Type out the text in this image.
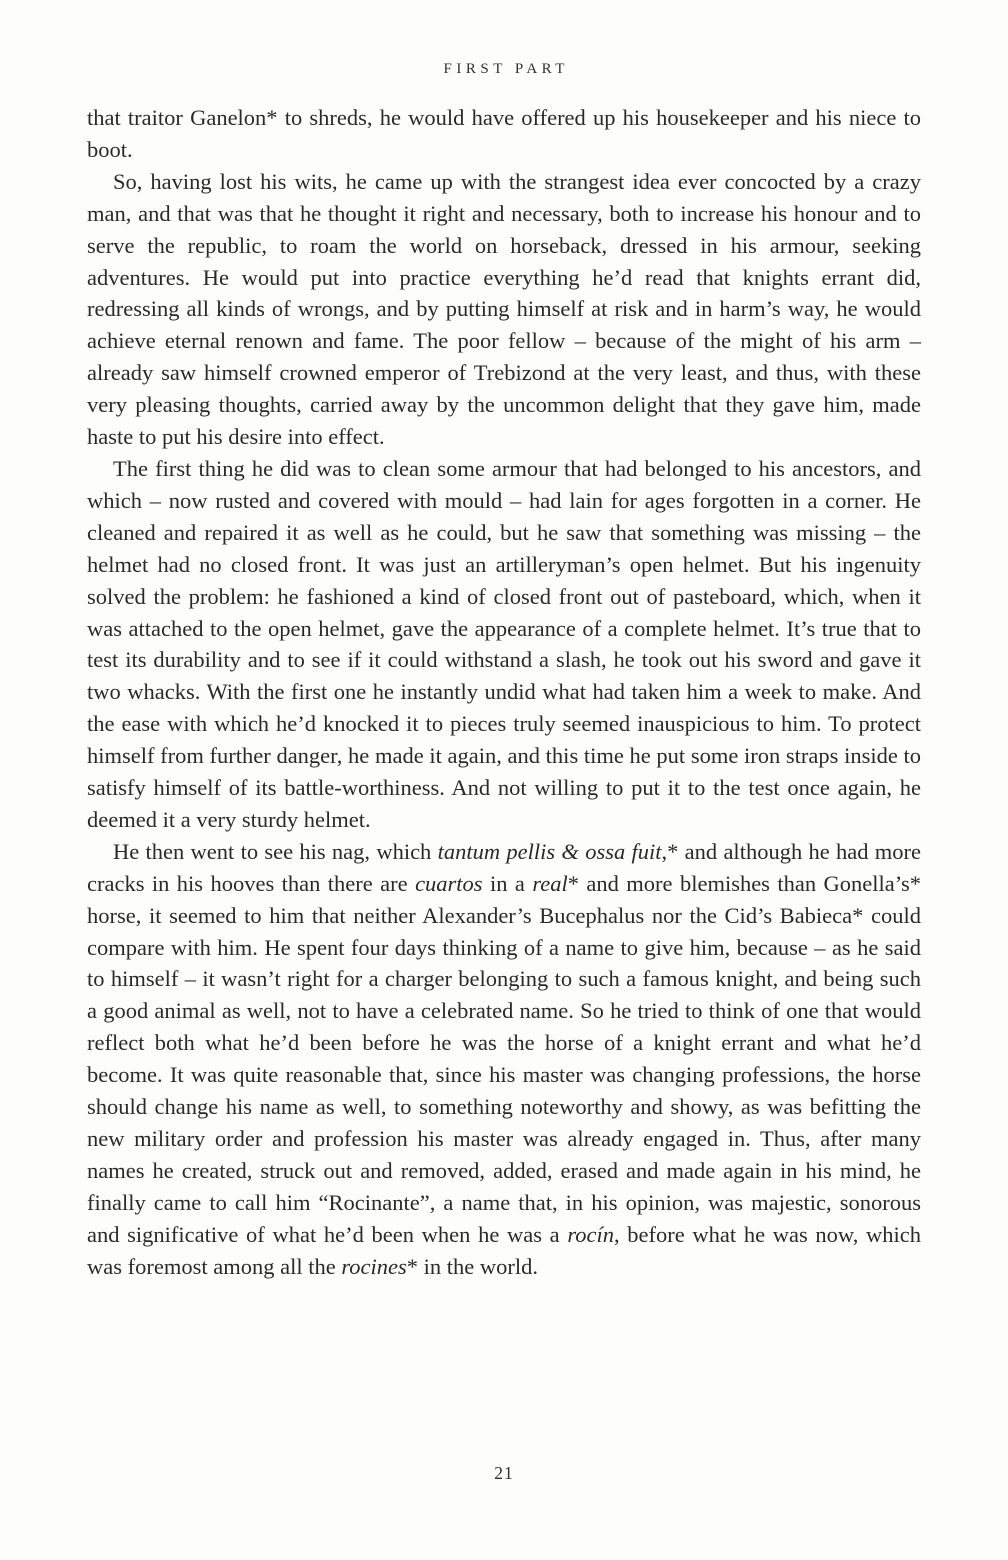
FIRST PART

that traitor Ganelon* to shreds, he would have offered up his housekeeper and his niece to boot.

So, having lost his wits, he came up with the strangest idea ever concocted by a crazy man, and that was that he thought it right and necessary, both to increase his honour and to serve the republic, to roam the world on horseback, dressed in his armour, seeking adventures. He would put into practice everything he’d read that knights errant did, redressing all kinds of wrongs, and by putting himself at risk and in harm’s way, he would achieve eternal renown and fame. The poor fellow – because of the might of his arm – already saw himself crowned emperor of Trebizond at the very least, and thus, with these very pleasing thoughts, carried away by the uncommon delight that they gave him, made haste to put his desire into effect.

The first thing he did was to clean some armour that had belonged to his ancestors, and which – now rusted and covered with mould – had lain for ages forgotten in a corner. He cleaned and repaired it as well as he could, but he saw that something was missing – the helmet had no closed front. It was just an artilleryman’s open helmet. But his ingenuity solved the problem: he fashioned a kind of closed front out of pasteboard, which, when it was attached to the open helmet, gave the appearance of a complete helmet. It’s true that to test its durability and to see if it could withstand a slash, he took out his sword and gave it two whacks. With the first one he instantly undid what had taken him a week to make. And the ease with which he’d knocked it to pieces truly seemed inauspicious to him. To protect himself from further danger, he made it again, and this time he put some iron straps inside to satisfy himself of its battle-worthiness. And not willing to put it to the test once again, he deemed it a very sturdy helmet.

He then went to see his nag, which tantum pellis & ossa fuit,* and although he had more cracks in his hooves than there are cuartos in a real* and more blemishes than Gonella’s* horse, it seemed to him that neither Alexander’s Bucephalus nor the Cid’s Babieca* could compare with him. He spent four days thinking of a name to give him, because – as he said to himself – it wasn’t right for a charger belonging to such a famous knight, and being such a good animal as well, not to have a celebrated name. So he tried to think of one that would reflect both what he’d been before he was the horse of a knight errant and what he’d become. It was quite reasonable that, since his master was changing professions, the horse should change his name as well, to something noteworthy and showy, as was befitting the new military order and profession his master was already engaged in. Thus, after many names he created, struck out and removed, added, erased and made again in his mind, he finally came to call him “Rocinante”, a name that, in his opinion, was majestic, sonorous and significative of what he’d been when he was a rocín, before what he was now, which was foremost among all the rocines* in the world.

21
